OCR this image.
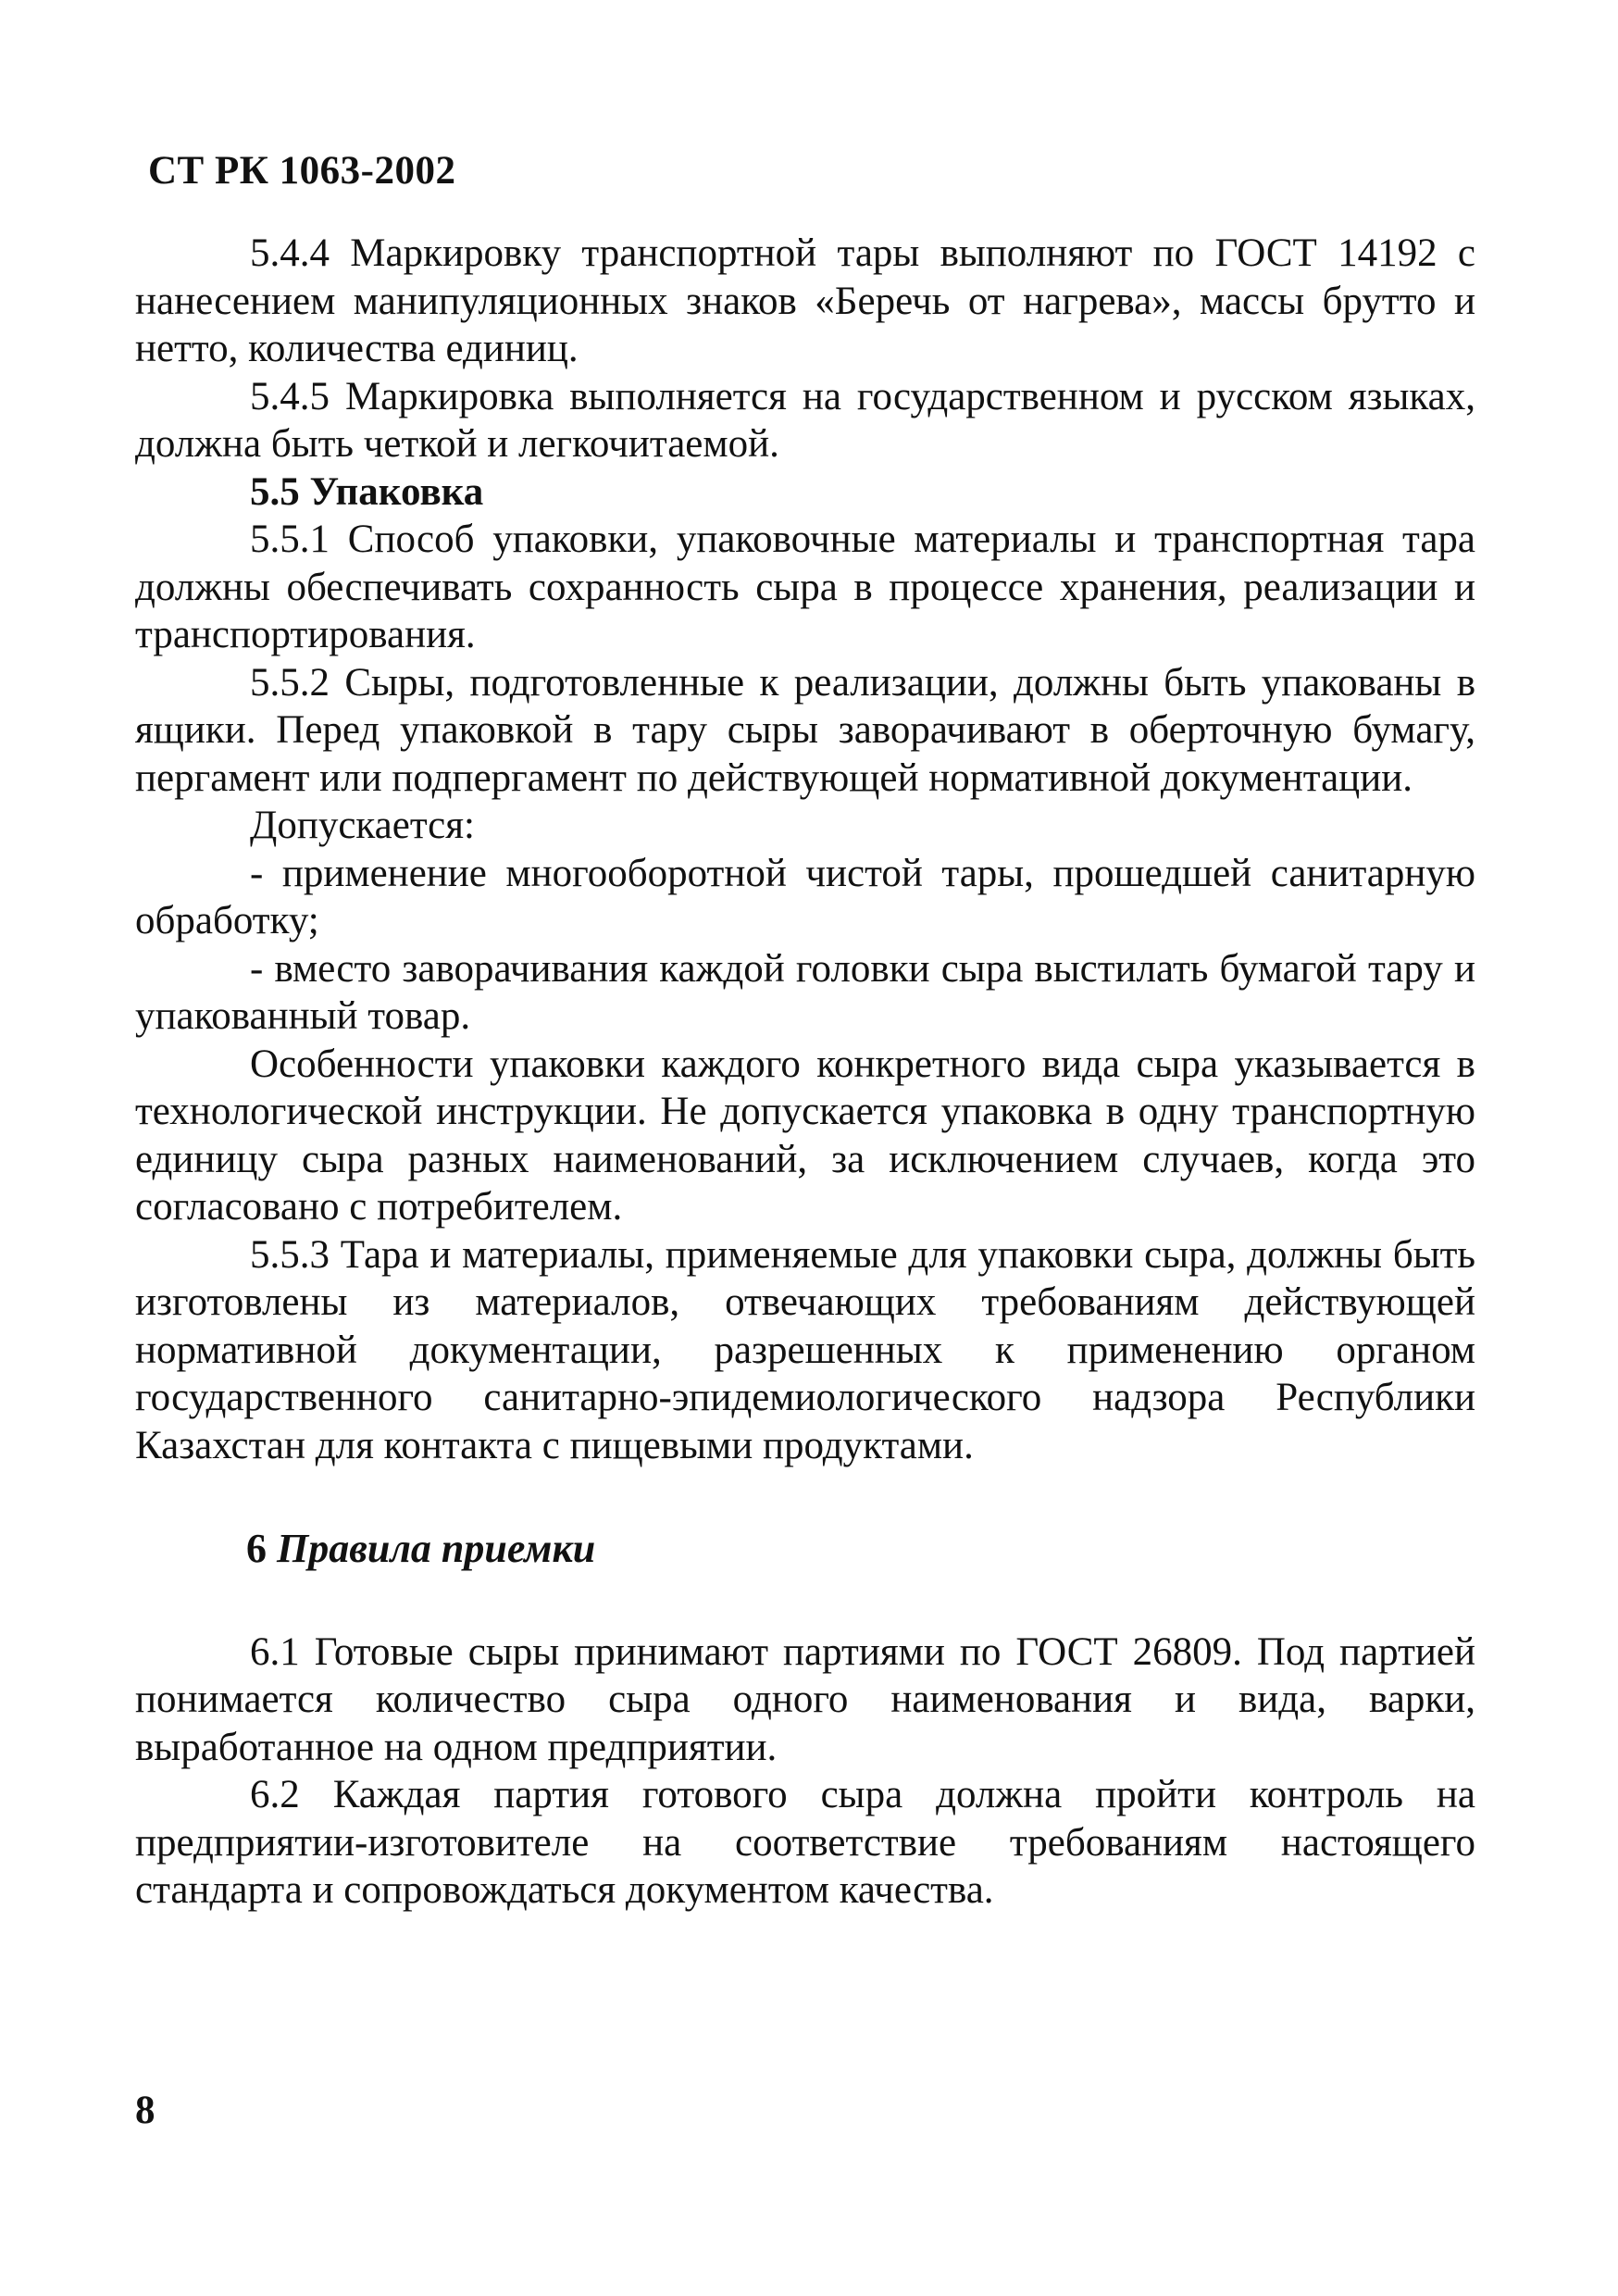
СТ РК 1063-2002

5.4.4 Маркировку транспортной тары выполняют по ГОСТ 14192 с нанесением манипуляционных знаков «Беречь от нагрева», массы брутто и нетто, количества единиц.

5.4.5 Маркировка выполняется на государственном и русском языках, должна быть четкой и легкочитаемой.

5.5 Упаковка

5.5.1 Способ упаковки, упаковочные материалы и транспортная тара должны обеспечивать сохранность сыра в процессе хранения, реализации и транспортирования.

5.5.2 Сыры, подготовленные к реализации, должны быть упакованы в ящики. Перед упаковкой в тару сыры заворачивают в оберточную бумагу, пергамент или подпергамент по действующей нормативной документации.

Допускается:

- применение многооборотной чистой тары, прошедшей санитарную обработку;

- вместо заворачивания каждой головки сыра выстилать бумагой тару и упакованный товар.

Особенности упаковки каждого конкретного вида сыра указывается в технологической инструкции. Не допускается упаковка в одну транспортную единицу сыра разных наименований, за исключением случаев, когда это согласовано с потребителем.

5.5.3 Тара и материалы, применяемые для упаковки сыра, должны быть изготовлены из материалов, отвечающих требованиям действующей нормативной документации, разрешенных к применению органом государственного санитарно-эпидемиологического надзора Республики Казахстан для контакта с пищевыми продуктами.

6 Правила приемки

6.1 Готовые сыры принимают партиями по ГОСТ 26809. Под партией понимается количество сыра одного наименования и вида, варки, выработанное на одном предприятии.

6.2 Каждая партия готового сыра должна пройти контроль на предприятии-изготовителе на соответствие требованиям настоящего стандарта и сопровождаться документом качества.

8
